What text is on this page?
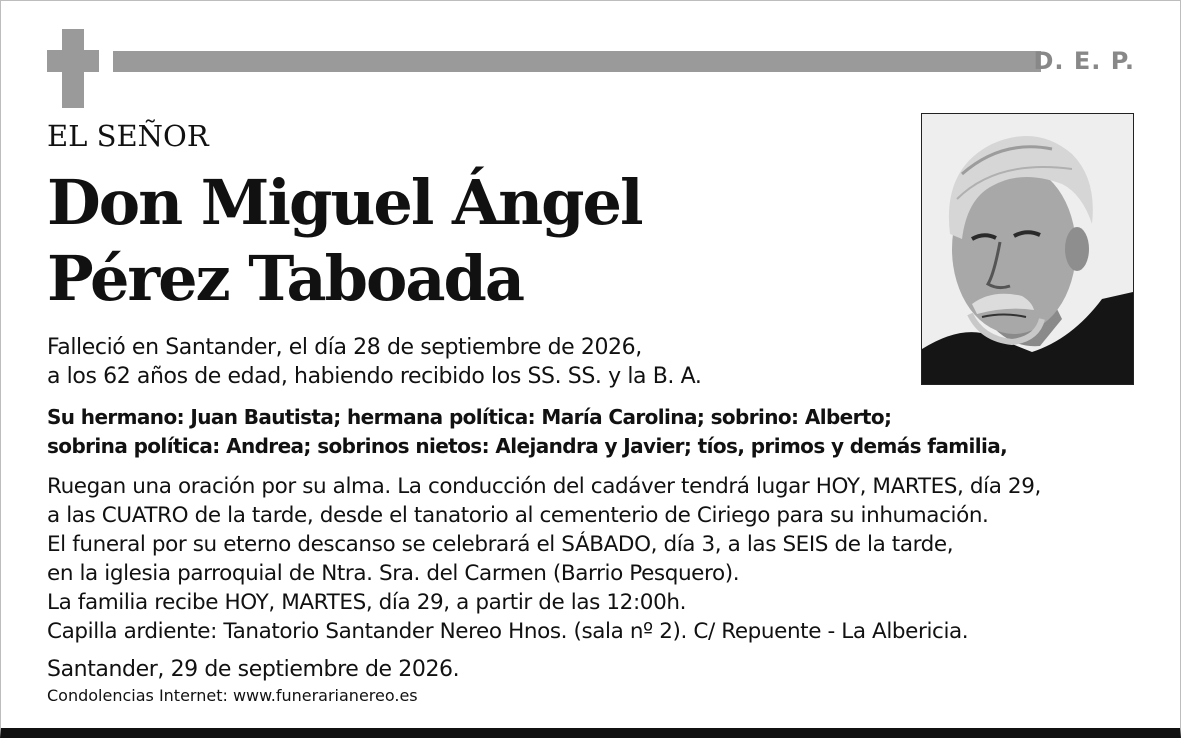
D. E. P.
EL SEÑOR
Don Miguel Ángel
Pérez Taboada
Falleció en Santander, el día 28 de septiembre de 2026,
a los 62 años de edad, habiendo recibido los SS. SS. y la B. A.
Su hermano: Juan Bautista; hermana política: María Carolina; sobrino: Alberto;
sobrina política: Andrea; sobrinos nietos: Alejandra y Javier; tíos, primos y demás familia,
Ruegan una oración por su alma. La conducción del cadáver tendrá lugar HOY, MARTES, día 29,
a las CUATRO de la tarde, desde el tanatorio al cementerio de Ciriego para su inhumación.
El funeral por su eterno descanso se celebrará el SÁBADO, día 3, a las SEIS de la tarde,
en la iglesia parroquial de Ntra. Sra. del Carmen (Barrio Pesquero).
La familia recibe HOY, MARTES, día 29, a partir de las 12:00h.
Capilla ardiente: Tanatorio Santander Nereo Hnos. (sala nº 2). C/ Repuente - La Albericia.
Santander, 29 de septiembre de 2026.
Condolencias Internet: www.funerarianereo.es
